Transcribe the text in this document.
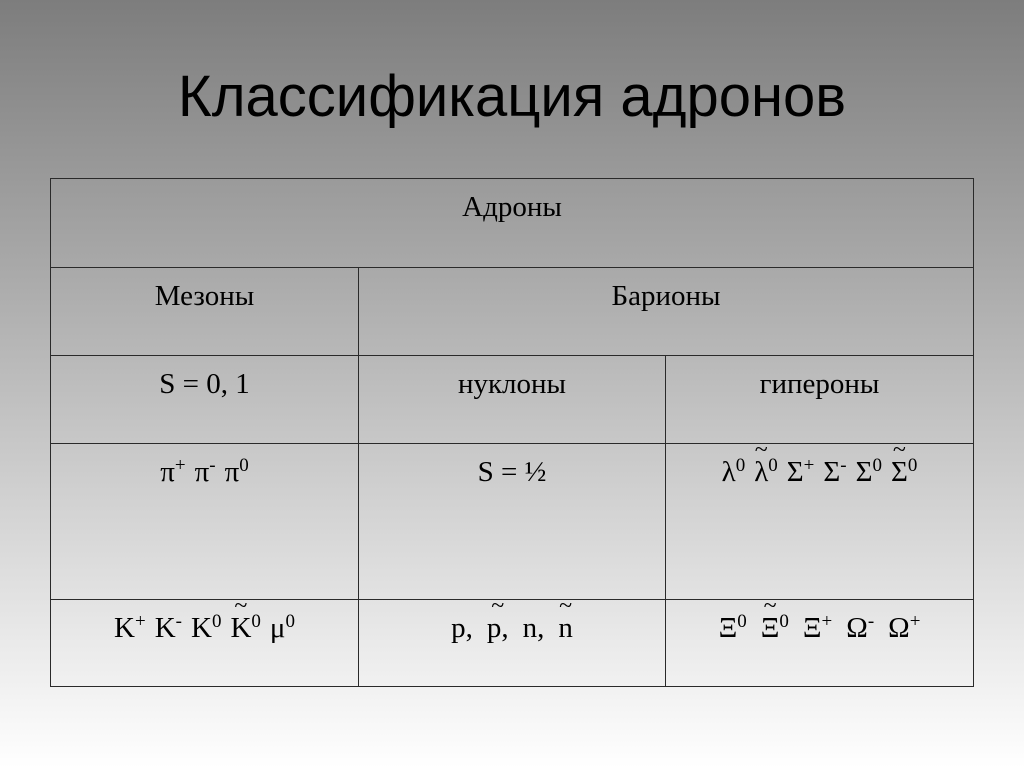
Классификация адронов
Адроны		
Мезоны	Барионы	
S = 0, 1	нуклоны	гипероны
π+ π- $\pi^0$	S = ½	$\lambda^0$ ~ $\lambda^0$ Σ+ Σ- $\Sigma^0$ ~ $\Sigma^0$
K+ K- $K^0$ ~ $K^0$ $\mu^0$	p, ~ p, n, ~ n	$\Xi^0$ ~ $\Xi^0$ Ξ+ Ω- Ω+
